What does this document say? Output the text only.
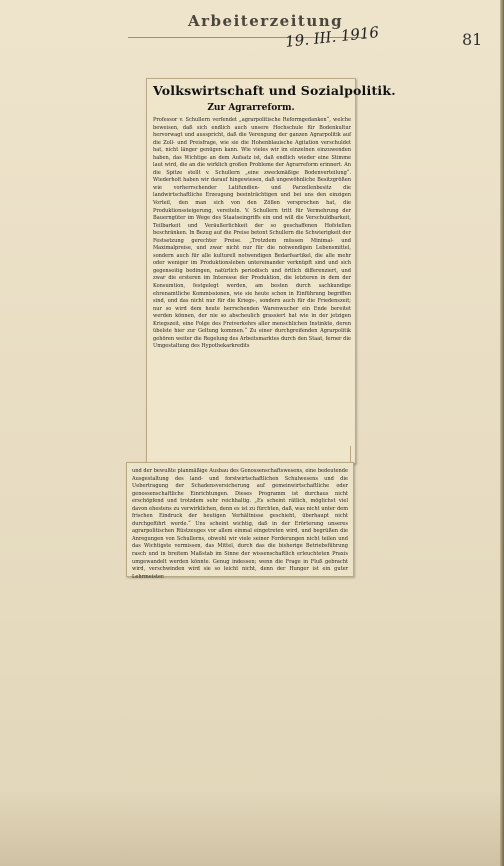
Arbeiterzeitung
19. III. 1916	81
Volkswirtschaft und Sozialpolitik.
Zur Agrarreform.
Professor v. Schullern verfendet „agrarpolitische Reformgedanken“, welche beweisen, daß sich endlich auch unsere Hochschule für Bodenkultur hervorwagt und ausspricht, daß die Verengung der ganzen Agrarpolitik auf die Zoll- und Preisfrage, wie sie die Hohenblauische Agitation verschuldet hat, nicht länger genügen kann. Wie vieles wir im einzelnen einzuwenden haben, das Wichtige an dem Aufsatz ist, daß endlich wieder eine Stimme laut wird, die an die wirklich großen Probleme der Agrarreform erinnert. An die Spitze stellt v. Schullern „eine zweckmäßige Bodenverteilung“. Wiederholt haben wir darauf hingewiesen, daß ungewöhnliche Besitzgrößen wie vorherrschender Latifundien- und Parzellenbesitz die landwirtschaftliche Erzeugung beeinträchtigen und bei uns den einzigen Vorteil, den man sich von den Zöllen versprochen hat, die Produktionssteigerung, vereiteln. V. Schullern tritt für Vermehrung der Bauerngüter im Wege des Staatseingriffs ein und will die Verschuldbarkeit, Teilbarkeit und Veräußerlichkeit der so geschaffenen Hofstellen beschränken. In Bezug auf die Preise betont Schullern die Schwierigkeit der Festsetzung gerechter Preise. „Trotzdem müssen Minimal- und Maximalpreise, und zwar nicht nur für die notwendigen Lebensmittel, sondern auch für alle kulturell notwendigen Bedarfsartikel, die alle mehr oder weniger im Produktionsleben untereinander verknüpft sind und sich gegenseitig bedingen, natürlich periodisch und örtlich differenziert, und zwar die ersteren im Interesse der Produktion, die letzteren in dem der Konsumtion, festgelegt werden, am besten durch sachkundige ehrenamtliche Kommissionen, wie sie heute schon in Einführung begriffen sind, und das nicht nur für die Kriegs-, sondern auch für die Friedenszeit; nur so wird dem heute herrschenden Warenwucher ein Ende bereitet werden können, der nie so abscheulich grassiert hat wie in der jetzigen Kriegszeit, eine Folge des Freiverkehrs aller menschlichen Instinkte, deren übelste hier zur Geltung kommen.“ Zu einer durchgreifenden Agrarpolitik gehören weiter die Regelung des Arbeitsmarktes durch den Staat, ferner die Umgestaltung des Hypothekarkredits
und der bewußte planmäßige Ausbau des Genossenschaftswesens, eine bedeutende Ausgestaltung des land- und forstwirtschaftlichen Schulwesens und die Uebertragung der Schadensversicherung auf gemeinwirtschaftliche oder genossenschaftliche Einrichtungen. Dieses Programm ist durchaus nicht erschöpfend und trotzdem sehr reichhaltig. „Es scheint rätlich, möglichst viel davon ehestens zu verwirklichen, denn es ist zu fürchten, daß, was nicht unter dem frischen Eindruck der heutigen Verhältnisse geschieht, überhaupt nicht durchgeführt werde.“ Uns scheint wichtig, daß in der Erörterung unseres agrarpolitischen Rüstzeuges vor allem einmal eingetreten wird, und begrüßen die Anregungen von Schullerns, obwohl wir viele seiner Forderungen nicht teilen und das Wichtigste vermissen, das Mittel, durch das die bisherige Betriebsführung rasch und in breitem Maßstab im Sinne der wissenschaftlich erleuchteten Praxis umgewandelt werden könnte. Genug indessen; wenn die Frage in Fluß gebracht wird, verschwinden wird sie so leicht nicht, denn der Hunger ist ein guter Lehrmeister.
